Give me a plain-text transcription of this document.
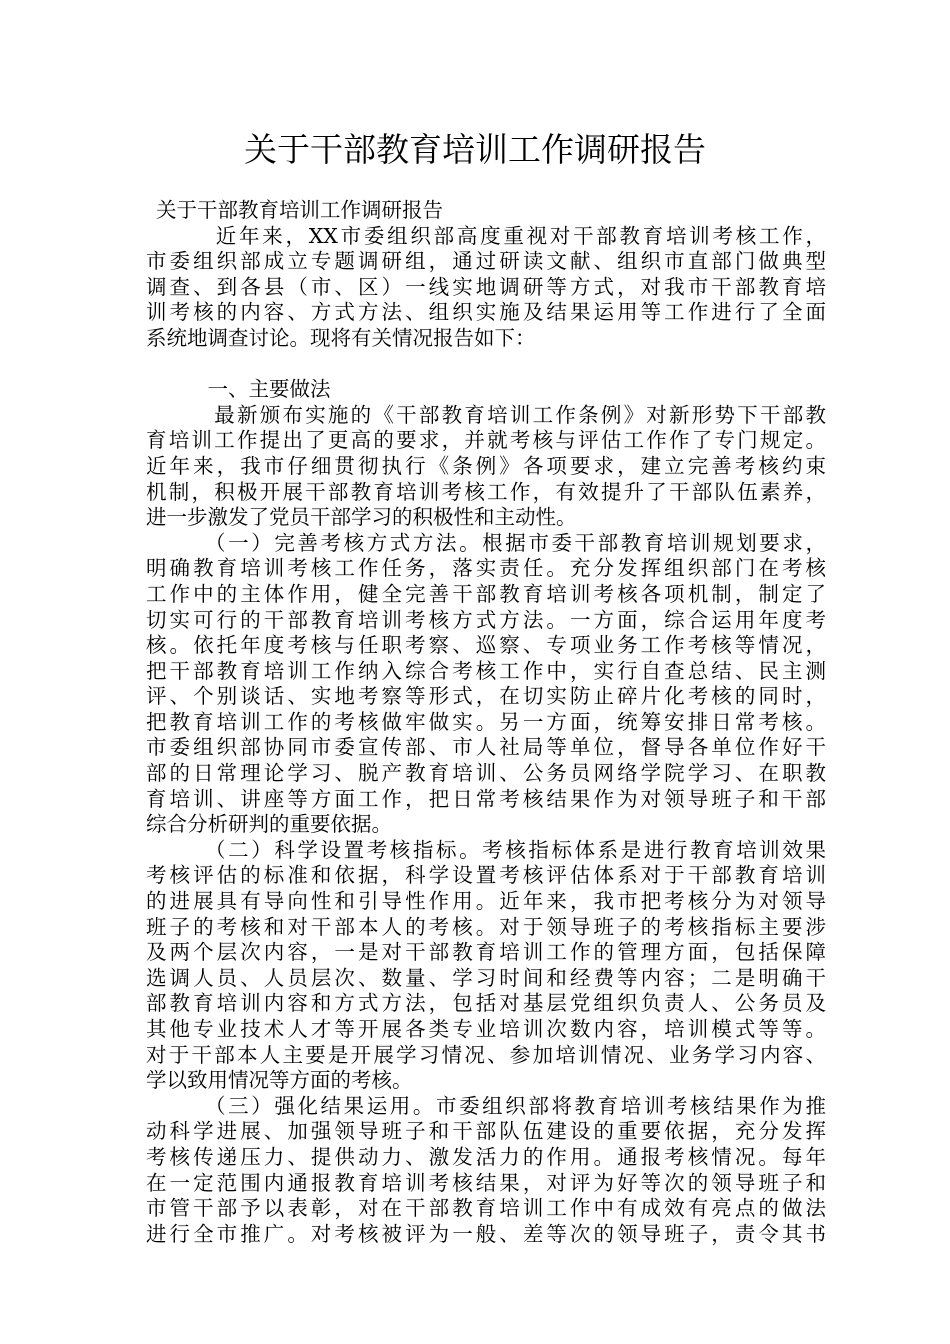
关于干部教育培训工作调研报告
关于干部教育培训工作调研报告
　　　近年来，XX市委组织部高度重视对干部教育培训考核工作，
市委组织部成立专题调研组，通过研读文献、组织市直部门做典型
调查、到各县（市、区）一线实地调研等方式，对我市干部教育培
训考核的内容、方式方法、组织实施及结果运用等工作进行了全面
系统地调查讨论。现将有关情况报告如下：
　　　一、主要做法
　　　最新颁布实施的《干部教育培训工作条例》对新形势下干部教
育培训工作提出了更高的要求，并就考核与评估工作作了专门规定。
近年来，我市仔细贯彻执行《条例》各项要求，建立完善考核约束
机制，积极开展干部教育培训考核工作，有效提升了干部队伍素养，
进一步激发了党员干部学习的积极性和主动性。
　　　（一）完善考核方式方法。根据市委干部教育培训规划要求，
明确教育培训考核工作任务，落实责任。充分发挥组织部门在考核
工作中的主体作用，健全完善干部教育培训考核各项机制，制定了
切实可行的干部教育培训考核方式方法。一方面，综合运用年度考
核。依托年度考核与任职考察、巡察、专项业务工作考核等情况，
把干部教育培训工作纳入综合考核工作中，实行自查总结、民主测
评、个别谈话、实地考察等形式，在切实防止碎片化考核的同时，
把教育培训工作的考核做牢做实。另一方面，统筹安排日常考核。
市委组织部协同市委宣传部、市人社局等单位，督导各单位作好干
部的日常理论学习、脱产教育培训、公务员网络学院学习、在职教
育培训、讲座等方面工作，把日常考核结果作为对领导班子和干部
综合分析研判的重要依据。
　　　（二）科学设置考核指标。考核指标体系是进行教育培训效果
考核评估的标准和依据，科学设置考核评估体系对于干部教育培训
的进展具有导向性和引导性作用。近年来，我市把考核分为对领导
班子的考核和对干部本人的考核。对于领导班子的考核指标主要涉
及两个层次内容，一是对干部教育培训工作的管理方面，包括保障
选调人员、人员层次、数量、学习时间和经费等内容；二是明确干
部教育培训内容和方式方法，包括对基层党组织负责人、公务员及
其他专业技术人才等开展各类专业培训次数内容，培训模式等等。
对于干部本人主要是开展学习情况、参加培训情况、业务学习内容、
学以致用情况等方面的考核。
　　　（三）强化结果运用。市委组织部将教育培训考核结果作为推
动科学进展、加强领导班子和干部队伍建设的重要依据，充分发挥
考核传递压力、提供动力、激发活力的作用。通报考核情况。每年
在一定范围内通报教育培训考核结果，对评为好等次的领导班子和
市管干部予以表彰，对在干部教育培训工作中有成效有亮点的做法
进行全市推广。对考核被评为一般、差等次的领导班子，责令其书
